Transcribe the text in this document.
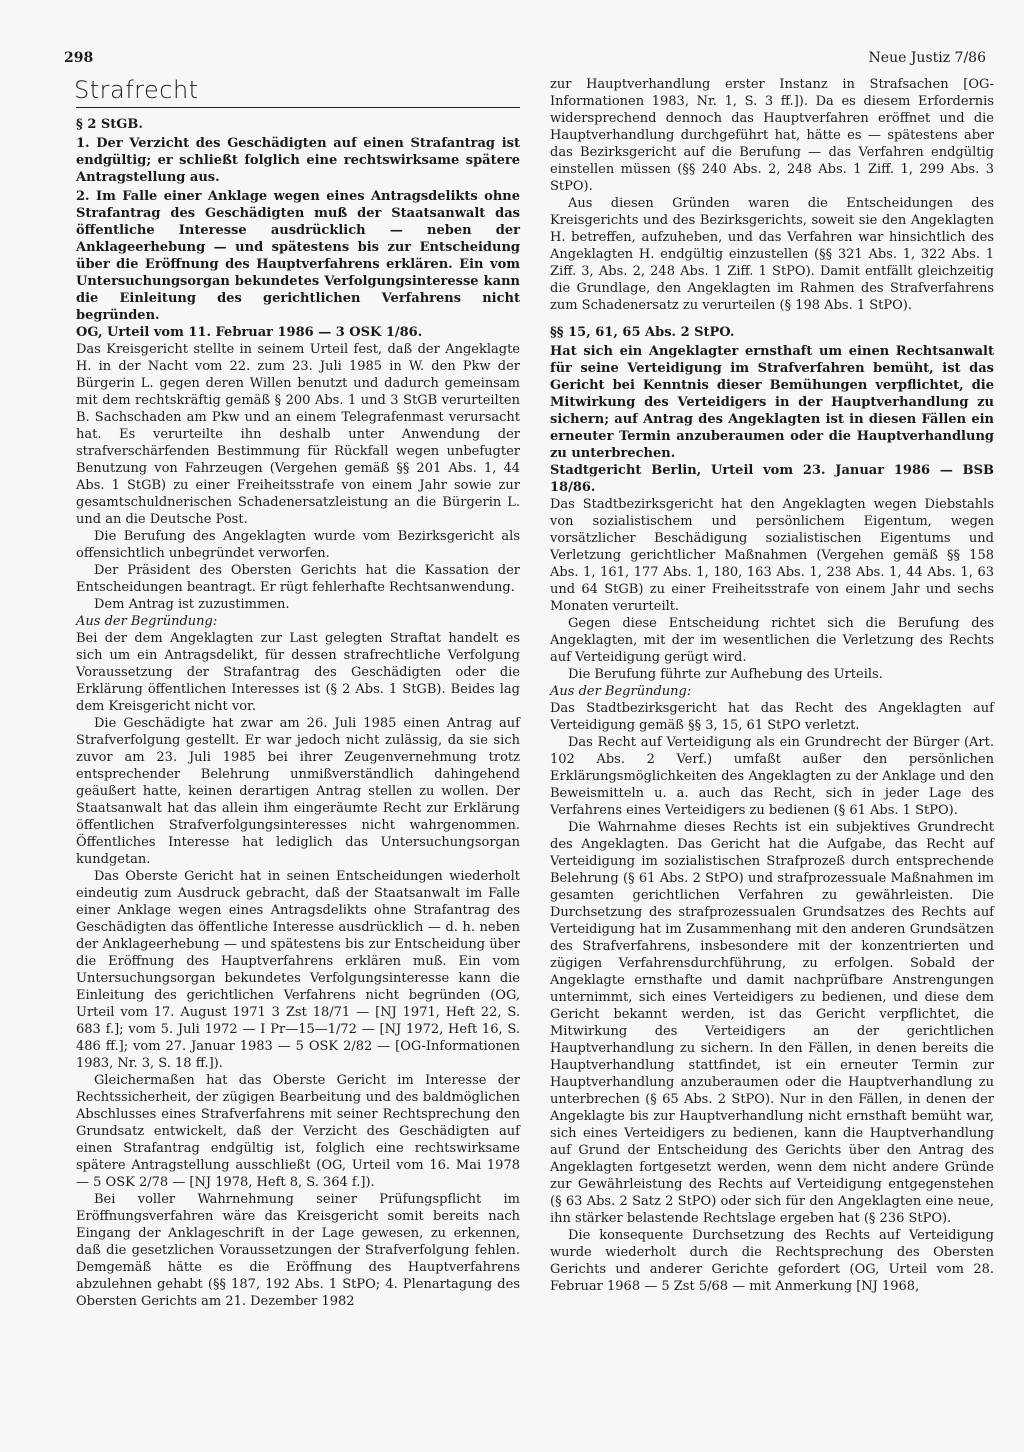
298	Neue Justiz 7/86
Strafrecht

§ 2 StGB.

1. Der Verzicht des Geschädigten auf einen Strafantrag ist endgültig; er schließt folglich eine rechtswirksame spätere Antragstellung aus.

2. Im Falle einer Anklage wegen eines Antragsdelikts ohne Strafantrag des Geschädigten muß der Staatsanwalt das öffentliche Interesse ausdrücklich — neben der Anklageerhebung — und spätestens bis zur Entscheidung über die Eröffnung des Hauptverfahrens erklären. Ein vom Untersuchungsorgan bekundetes Verfolgungsinteresse kann die Einleitung des gerichtlichen Verfahrens nicht begründen.

OG, Urteil vom 11. Februar 1986 — 3 OSK 1/86.

Das Kreisgericht stellte in seinem Urteil fest, daß der Angeklagte H. in der Nacht vom 22. zum 23. Juli 1985 in W. den Pkw der Bürgerin L. gegen deren Willen benutzt und dadurch gemeinsam mit dem rechtskräftig gemäß § 200 Abs. 1 und 3 StGB verurteilten B. Sachschaden am Pkw und an einem Telegrafenmast verursacht hat. Es verurteilte ihn deshalb unter Anwendung der strafverschärfenden Bestimmung für Rückfall wegen unbefugter Benutzung von Fahrzeugen (Vergehen gemäß §§ 201 Abs. 1, 44 Abs. 1 StGB) zu einer Freiheitsstrafe von einem Jahr sowie zur gesamtschuldnerischen Schadenersatzleistung an die Bürgerin L. und an die Deutsche Post.

Die Berufung des Angeklagten wurde vom Bezirksgericht als offensichtlich unbegründet verworfen.

Der Präsident des Obersten Gerichts hat die Kassation der Entscheidungen beantragt. Er rügt fehlerhafte Rechtsanwendung.

Dem Antrag ist zuzustimmen.

Aus der Begründung:

Bei der dem Angeklagten zur Last gelegten Straftat handelt es sich um ein Antragsdelikt, für dessen strafrechtliche Verfolgung Voraussetzung der Strafantrag des Geschädigten oder die Erklärung öffentlichen Interesses ist (§ 2 Abs. 1 StGB). Beides lag dem Kreisgericht nicht vor.

Die Geschädigte hat zwar am 26. Juli 1985 einen Antrag auf Strafverfolgung gestellt. Er war jedoch nicht zulässig, da sie sich zuvor am 23. Juli 1985 bei ihrer Zeugenvernehmung trotz entsprechender Belehrung unmißverständlich dahingehend geäußert hatte, keinen derartigen Antrag stellen zu wollen. Der Staatsanwalt hat das allein ihm eingeräumte Recht zur Erklärung öffentlichen Strafverfolgungsinteresses nicht wahrgenommen. Öffentliches Interesse hat lediglich das Untersuchungsorgan kundgetan.

Das Oberste Gericht hat in seinen Entscheidungen wiederholt eindeutig zum Ausdruck gebracht, daß der Staatsanwalt im Falle einer Anklage wegen eines Antragsdelikts ohne Strafantrag des Geschädigten das öffentliche Interesse ausdrücklich — d. h. neben der Anklageerhebung — und spätestens bis zur Entscheidung über die Eröffnung des Hauptverfahrens erklären muß. Ein vom Untersuchungsorgan bekundetes Verfolgungsinteresse kann die Einleitung des gerichtlichen Verfahrens nicht begründen (OG, Urteil vom 17. August 1971 3 Zst 18/71 — [NJ 1971, Heft 22, S. 683 f.]; vom 5. Juli 1972 — I Pr—15—1/72 — [NJ 1972, Heft 16, S. 486 ff.]; vom 27. Januar 1983 — 5 OSK 2/82 — [OG-Informationen 1983, Nr. 3, S. 18 ff.]).

Gleichermaßen hat das Oberste Gericht im Interesse der Rechtssicherheit, der zügigen Bearbeitung und des baldmöglichen Abschlusses eines Strafverfahrens mit seiner Rechtsprechung den Grundsatz entwickelt, daß der Verzicht des Geschädigten auf einen Strafantrag endgültig ist, folglich eine rechtswirksame spätere Antragstellung ausschließt (OG, Urteil vom 16. Mai 1978 — 5 OSK 2/78 — [NJ 1978, Heft 8, S. 364 f.]).

Bei voller Wahrnehmung seiner Prüfungspflicht im Eröffnungsverfahren wäre das Kreisgericht somit bereits nach Eingang der Anklageschrift in der Lage gewesen, zu erkennen, daß die gesetzlichen Voraussetzungen der Strafverfolgung fehlen. Demgemäß hätte es die Eröffnung des Hauptverfahrens abzulehnen gehabt (§§ 187, 192 Abs. 1 StPO; 4. Plenartagung des Obersten Gerichts am 21. Dezember 1982

zur Hauptverhandlung erster Instanz in Strafsachen [OG-Informationen 1983, Nr. 1, S. 3 ff.]). Da es diesem Erfordernis widersprechend dennoch das Hauptverfahren eröffnet und die Hauptverhandlung durchgeführt hat, hätte es — spätestens aber das Bezirksgericht auf die Berufung — das Verfahren endgültig einstellen müssen (§§ 240 Abs. 2, 248 Abs. 1 Ziff. 1, 299 Abs. 3 StPO).

Aus diesen Gründen waren die Entscheidungen des Kreisgerichts und des Bezirksgerichts, soweit sie den Angeklagten H. betreffen, aufzuheben, und das Verfahren war hinsichtlich des Angeklagten H. endgültig einzustellen (§§ 321 Abs. 1, 322 Abs. 1 Ziff. 3, Abs. 2, 248 Abs. 1 Ziff. 1 StPO). Damit entfällt gleichzeitig die Grundlage, den Angeklagten im Rahmen des Strafverfahrens zum Schadenersatz zu verurteilen (§ 198 Abs. 1 StPO).

§§ 15, 61, 65 Abs. 2 StPO.

Hat sich ein Angeklagter ernsthaft um einen Rechtsanwalt für seine Verteidigung im Strafverfahren bemüht, ist das Gericht bei Kenntnis dieser Bemühungen verpflichtet, die Mitwirkung des Verteidigers in der Hauptverhandlung zu sichern; auf Antrag des Angeklagten ist in diesen Fällen ein erneuter Termin anzuberaumen oder die Hauptverhandlung zu unterbrechen.

Stadtgericht Berlin, Urteil vom 23. Januar 1986 — BSB 18/86.

Das Stadtbezirksgericht hat den Angeklagten wegen Diebstahls von sozialistischem und persönlichem Eigentum, wegen vorsätzlicher Beschädigung sozialistischen Eigentums und Verletzung gerichtlicher Maßnahmen (Vergehen gemäß §§ 158 Abs. 1, 161, 177 Abs. 1, 180, 163 Abs. 1, 238 Abs. 1, 44 Abs. 1, 63 und 64 StGB) zu einer Freiheitsstrafe von einem Jahr und sechs Monaten verurteilt.

Gegen diese Entscheidung richtet sich die Berufung des Angeklagten, mit der im wesentlichen die Verletzung des Rechts auf Verteidigung gerügt wird.

Die Berufung führte zur Aufhebung des Urteils.

Aus der Begründung:

Das Stadtbezirksgericht hat das Recht des Angeklagten auf Verteidigung gemäß §§ 3, 15, 61 StPO verletzt.

Das Recht auf Verteidigung als ein Grundrecht der Bürger (Art. 102 Abs. 2 Verf.) umfaßt außer den persönlichen Erklärungsmöglichkeiten des Angeklagten zu der Anklage und den Beweismitteln u. a. auch das Recht, sich in jeder Lage des Verfahrens eines Verteidigers zu bedienen (§ 61 Abs. 1 StPO).

Die Wahrnahme dieses Rechts ist ein subjektives Grundrecht des Angeklagten. Das Gericht hat die Aufgabe, das Recht auf Verteidigung im sozialistischen Strafprozeß durch entsprechende Belehrung (§ 61 Abs. 2 StPO) und strafprozessuale Maßnahmen im gesamten gerichtlichen Verfahren zu gewährleisten. Die Durchsetzung des strafprozessualen Grundsatzes des Rechts auf Verteidigung hat im Zusammenhang mit den anderen Grundsätzen des Strafverfahrens, insbesondere mit der konzentrierten und zügigen Verfahrensdurchführung, zu erfolgen. Sobald der Angeklagte ernsthafte und damit nachprüfbare Anstrengungen unternimmt, sich eines Verteidigers zu bedienen, und diese dem Gericht bekannt werden, ist das Gericht verpflichtet, die Mitwirkung des Verteidigers an der gerichtlichen Hauptverhandlung zu sichern. In den Fällen, in denen bereits die Hauptverhandlung stattfindet, ist ein erneuter Termin zur Hauptverhandlung anzuberaumen oder die Hauptverhandlung zu unterbrechen (§ 65 Abs. 2 StPO). Nur in den Fällen, in denen der Angeklagte bis zur Hauptverhandlung nicht ernsthaft bemüht war, sich eines Verteidigers zu bedienen, kann die Hauptverhandlung auf Grund der Entscheidung des Gerichts über den Antrag des Angeklagten fortgesetzt werden, wenn dem nicht andere Gründe zur Gewährleistung des Rechts auf Verteidigung entgegenstehen (§ 63 Abs. 2 Satz 2 StPO) oder sich für den Angeklagten eine neue, ihn stärker belastende Rechtslage ergeben hat (§ 236 StPO).

Die konsequente Durchsetzung des Rechts auf Verteidigung wurde wiederholt durch die Rechtsprechung des Obersten Gerichts und anderer Gerichte gefordert (OG, Urteil vom 28. Februar 1968 — 5 Zst 5/68 — mit Anmerkung [NJ 1968,
